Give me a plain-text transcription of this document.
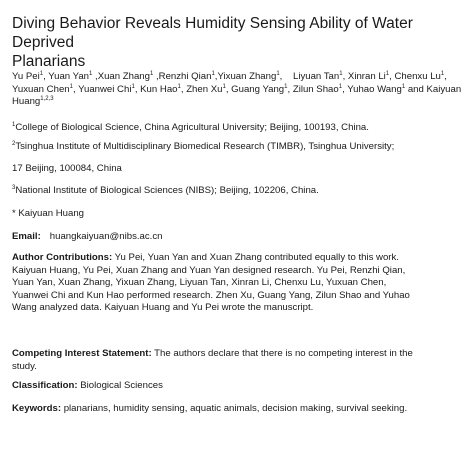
Diving Behavior Reveals Humidity Sensing Ability of Water Deprived
Planarians
Yu Pei$^1$, Yuan Yan$^1$ ,Xuan Zhang$^1$ ,Renzhi Qian$^1$,Yixuan Zhang$^1$,    Liyuan Tan$^1$, Xinran Li$^1$, Chenxu Lu$^1$, Yuxuan Chen$^1$, Yuanwei Chi$^1$, Kun Hao$^1$, Zhen Xu$^1$, Guang Yang$^1$, Zilun Shao$^1$, Yuhao Wang$^1$ and Kaiyuan Huang$^{1,2,3}$
$^1$College of Biological Science, China Agricultural University; Beijing, 100193, China.
$^2$Tsinghua Institute of Multidisciplinary Biomedical Research (TIMBR), Tsinghua University;
17 Beijing, 100084, China
$^3$National Institute of Biological Sciences (NIBS); Beijing, 102206, China.
* Kaiyuan Huang
Email: huangkaiyuan@nibs.ac.cn
Author Contributions: Yu Pei, Yuan Yan and Xuan Zhang contributed equally to this work.
Kaiyuan Huang, Yu Pei, Xuan Zhang and Yuan Yan designed research. Yu Pei, Renzhi Qian,
Yuan Yan, Xuan Zhang, Yixuan Zhang, Liyuan Tan, Xinran Li, Chenxu Lu, Yuxuan Chen,
Yuanwei Chi and Kun Hao performed research. Zhen Xu, Guang Yang, Zilun Shao and Yuhao
Wang analyzed data. Kaiyuan Huang and Yu Pei wrote the manuscript.
Competing Interest Statement: The authors declare that there is no competing interest in the
study.
Classification: Biological Sciences
Keywords: planarians, humidity sensing, aquatic animals, decision making, survival seeking.
